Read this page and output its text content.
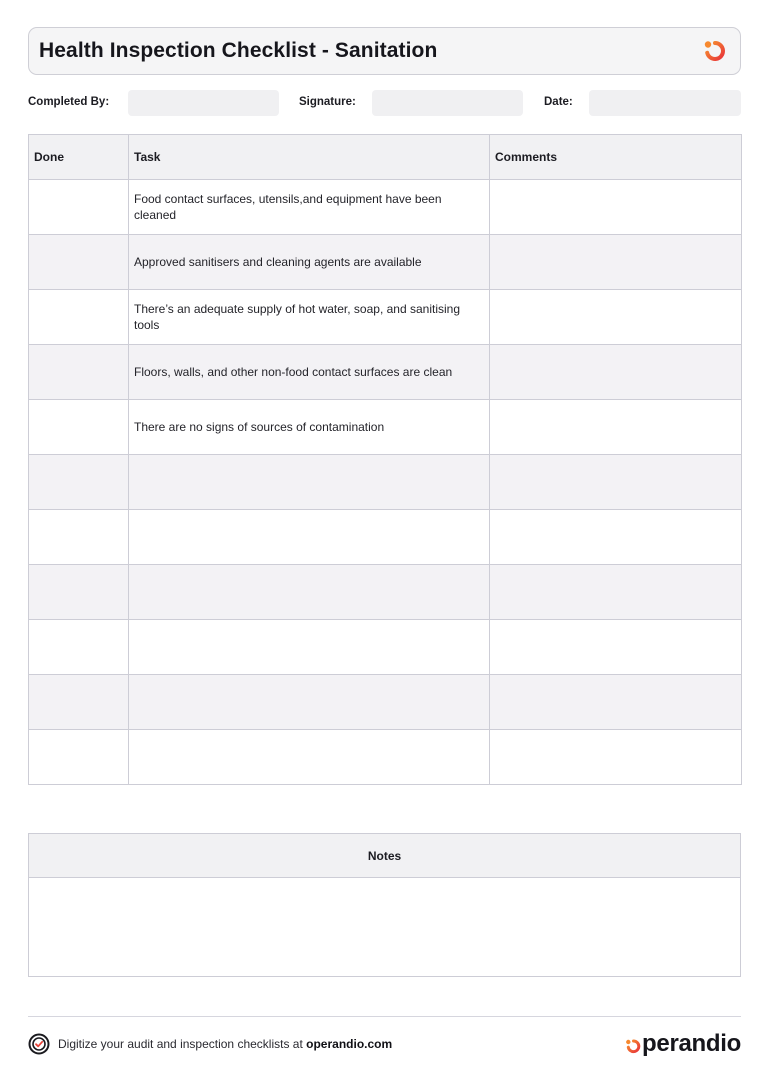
Health Inspection Checklist - Sanitation
Completed By:	Signature:	Date:
Done	Task	Comments
	Food contact surfaces, utensils,and equipment have been cleaned	
	Approved sanitisers and cleaning agents are available	
	There’s an adequate supply of hot water, soap, and sanitising tools	
	Floors, walls, and other non-food contact surfaces are clean	
	There are no signs of sources of contamination	

Notes
Digitize your audit and inspection checklists at operandio.com	perandio
